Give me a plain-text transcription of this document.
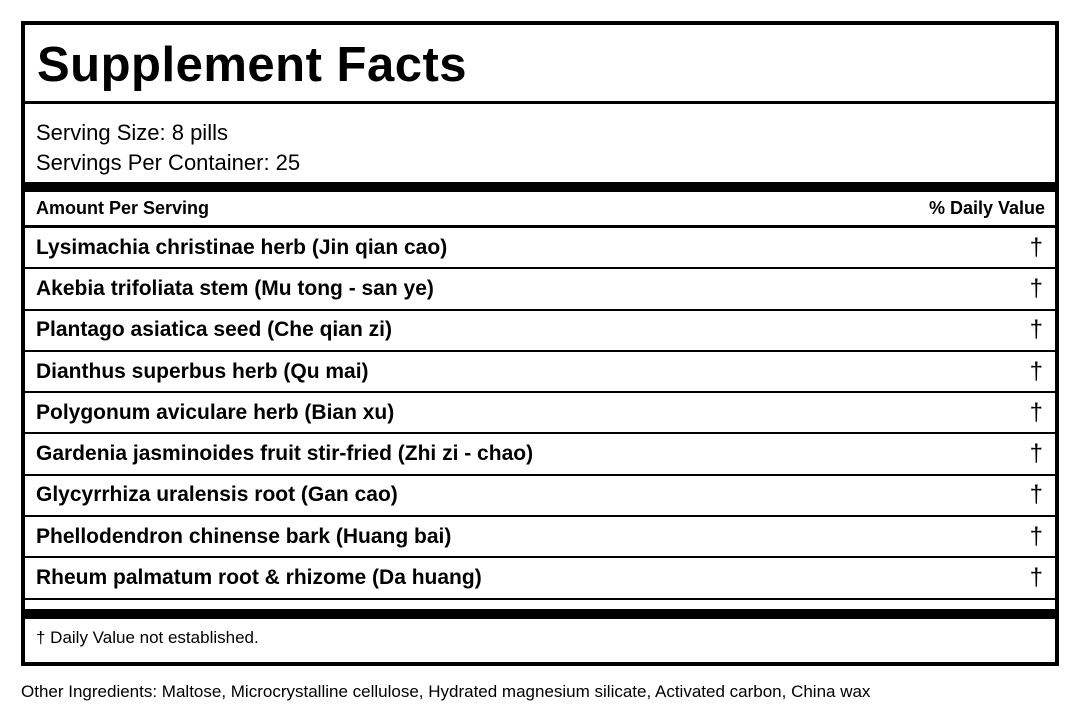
Supplement Facts
Serving Size: 8 pills
Servings Per Container: 25
Amount Per Serving	% Daily Value
Lysimachia christinae herb (Jin qian cao)	†
Akebia trifoliata stem (Mu tong - san ye)	†
Plantago asiatica seed (Che qian zi)	†
Dianthus superbus herb (Qu mai)	†
Polygonum aviculare herb (Bian xu)	†
Gardenia jasminoides fruit stir-fried (Zhi zi - chao)	†
Glycyrrhiza uralensis root (Gan cao)	†
Phellodendron chinense bark (Huang bai)	†
Rheum palmatum root & rhizome (Da huang)	†
† Daily Value not established.
Other Ingredients: Maltose, Microcrystalline cellulose, Hydrated magnesium silicate, Activated carbon, China wax
